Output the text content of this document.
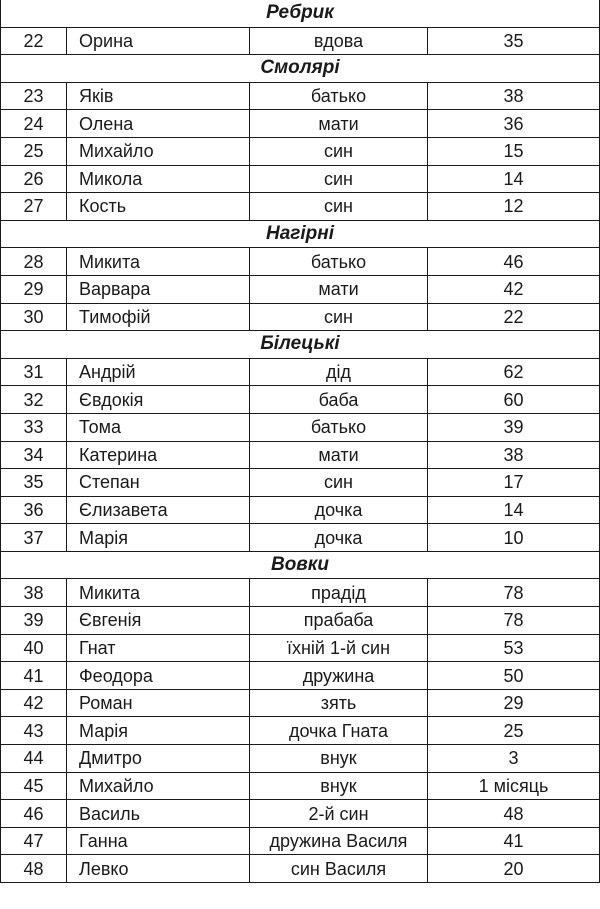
Ребрик			
22	Орина	вдова	35
Смолярі			
23	Яків	батько	38
24	Олена	мати	36
25	Михайло	син	15
26	Микола	син	14
27	Кость	син	12
Нагірні			
28	Микита	батько	46
29	Варвара	мати	42
30	Тимофій	син	22
Білецькі			
31	Андрій	дід	62
32	Євдокія	баба	60
33	Тома	батько	39
34	Катерина	мати	38
35	Степан	син	17
36	Єлизавета	дочка	14
37	Марія	дочка	10
Вовки			
38	Микита	прадід	78
39	Євгенія	прабаба	78
40	Гнат	їхній 1-й син	53
41	Феодора	дружина	50
42	Роман	зять	29
43	Марія	дочка Гната	25
44	Дмитро	внук	3
45	Михайло	внук	1 місяць
46	Василь	2-й син	48
47	Ганна	дружина Василя	41
48	Левко	син Василя	20
